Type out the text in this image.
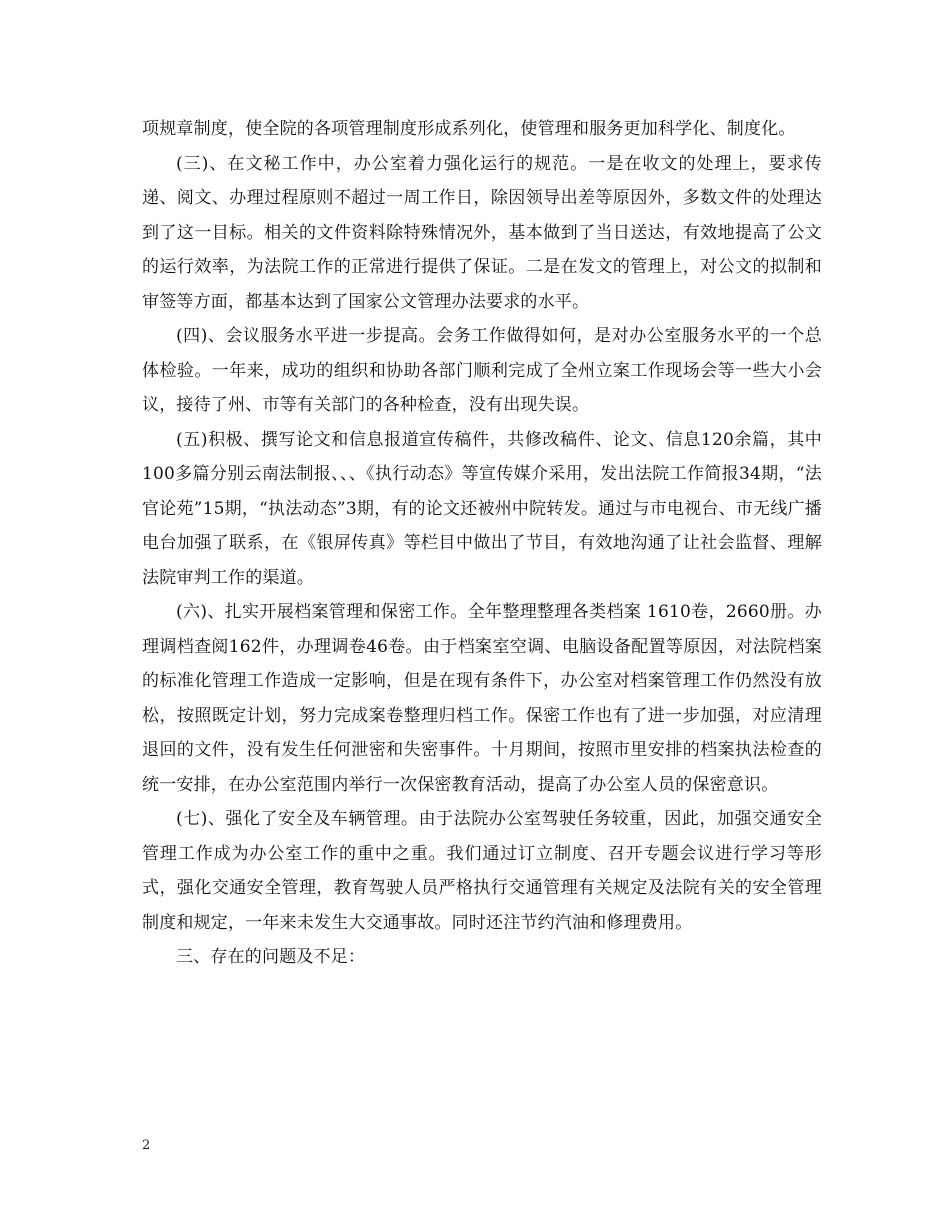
项规章制度，使全院的各项管理制度形成系列化，使管理和服务更加科学化、制度化。

(三)、在文秘工作中，办公室着力强化运行的规范。一是在收文的处理上，要求传递、阅文、办理过程原则不超过一周工作日，除因领导出差等原因外，多数文件的处理达到了这一目标。相关的文件资料除特殊情况外，基本做到了当日送达，有效地提高了公文的运行效率，为法院工作的正常进行提供了保证。二是在发文的管理上，对公文的拟制和审签等方面，都基本达到了国家公文管理办法要求的水平。

(四)、会议服务水平进一步提高。会务工作做得如何，是对办公室服务水平的一个总体检验。一年来，成功的组织和协助各部门顺利完成了全州立案工作现场会等一些大小会议，接待了州、市等有关部门的各种检查，没有出现失误。

(五)积极、撰写论文和信息报道宣传稿件，共修改稿件、论文、信息120余篇，其中100多篇分别云南法制报、、、《执行动态》等宣传媒介采用，发出法院工作简报34期，“法官论苑”15期，“执法动态”3期，有的论文还被州中院转发。通过与市电视台、市无线广播电台加强了联系，在《银屏传真》等栏目中做出了节目，有效地沟通了让社会监督、理解法院审判工作的渠道。

(六)、扎实开展档案管理和保密工作。全年整理整理各类档案 1610卷，2660册。办理调档查阅162件，办理调卷46卷。由于档案室空调、电脑设备配置等原因，对法院档案的标准化管理工作造成一定影响，但是在现有条件下，办公室对档案管理工作仍然没有放松，按照既定计划，努力完成案卷整理归档工作。保密工作也有了进一步加强，对应清理退回的文件，没有发生任何泄密和失密事件。十月期间，按照市里安排的档案执法检查的统一安排，在办公室范围内举行一次保密教育活动，提高了办公室人员的保密意识。

(七)、强化了安全及车辆管理。由于法院办公室驾驶任务较重，因此，加强交通安全管理工作成为办公室工作的重中之重。我们通过订立制度、召开专题会议进行学习等形式，强化交通安全管理，教育驾驶人员严格执行交通管理有关规定及法院有关的安全管理制度和规定，一年来未发生大交通事故。同时还注节约汽油和修理费用。

三、存在的问题及不足：

2
